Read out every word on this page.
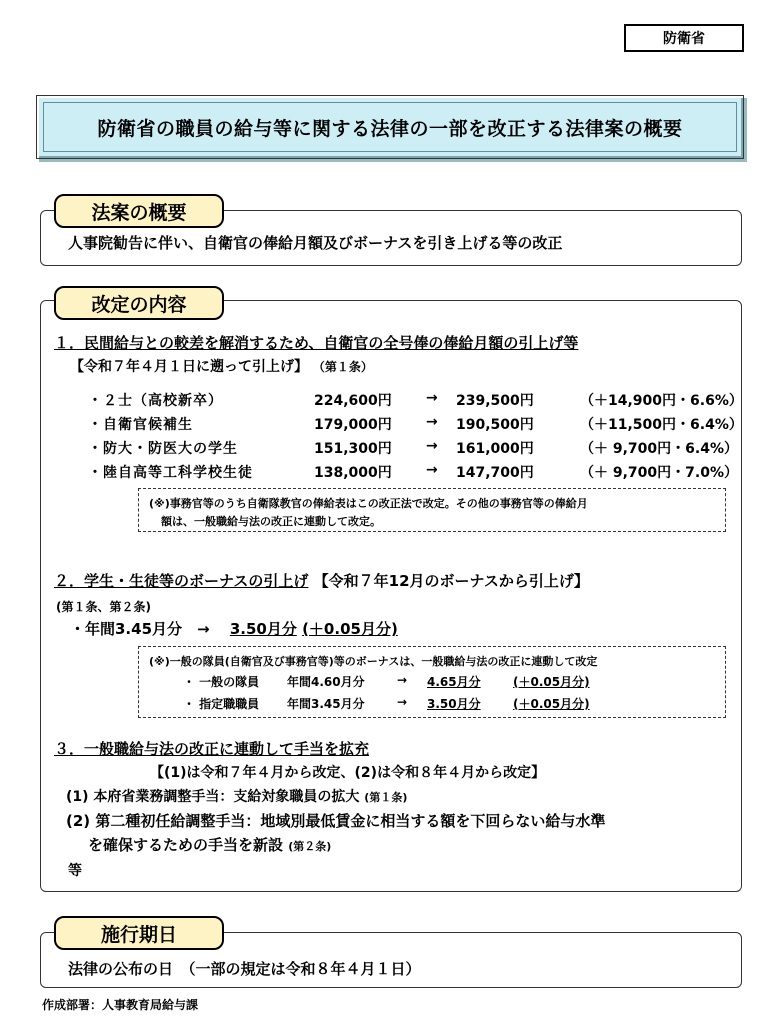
防衛省
防衛省の職員の給与等に関する法律の一部を改正する法律案の概要
法案の概要
人事院勧告に伴い、自衛官の俸給月額及びボーナスを引き上げる等の改正
改定の内容
１．民間給与との較差を解消するため、自衛官の全号俸の俸給月額の引上げ等
【令和７年４月１日に遡って引上げ】 （第１条）
・２士（高校新卒）	224,600円	→	239,500円	（＋14,900円・6.6%）
・自衛官候補生	179,000円	→	190,500円	（＋11,500円・6.4%）
・防大・防医大の学生	151,300円	→	161,000円	（＋ 9,700円・6.4%）
・陸自高等工科学校生徒	138,000円	→	147,700円	（＋ 9,700円・7.0%）
(※)事務官等のうち自衛隊教官の俸給表はこの改正法で改定。その他の事務官等の俸給月
額は、一般職給与法の改正に連動して改定。
２．学生・生徒等のボーナスの引上げ 【令和７年12月のボーナスから引上げ】
(第１条、第２条)
・年間3.45月分　→　 3.50月分 (＋0.05月分)
(※)一般の隊員(自衛官及び事務官等)等のボーナスは、一般職給与法の改正に連動して改定
・ 一般の隊員	年間4.60月分	→	4.65月分	(＋0.05月分)
・ 指定職職員	年間3.45月分	→	3.50月分	(＋0.05月分)
３．一般職給与法の改正に連動して手当を拡充
【(1)は令和７年４月から改定、(2)は令和８年４月から改定】
(1) 本府省業務調整手当：支給対象職員の拡大 (第１条)
(2) 第二種初任給調整手当：地域別最低賃金に相当する額を下回らない給与水準
を確保するための手当を新設 (第２条)
等
施行期日
法律の公布の日　（一部の規定は令和８年４月１日）
作成部署：人事教育局給与課
